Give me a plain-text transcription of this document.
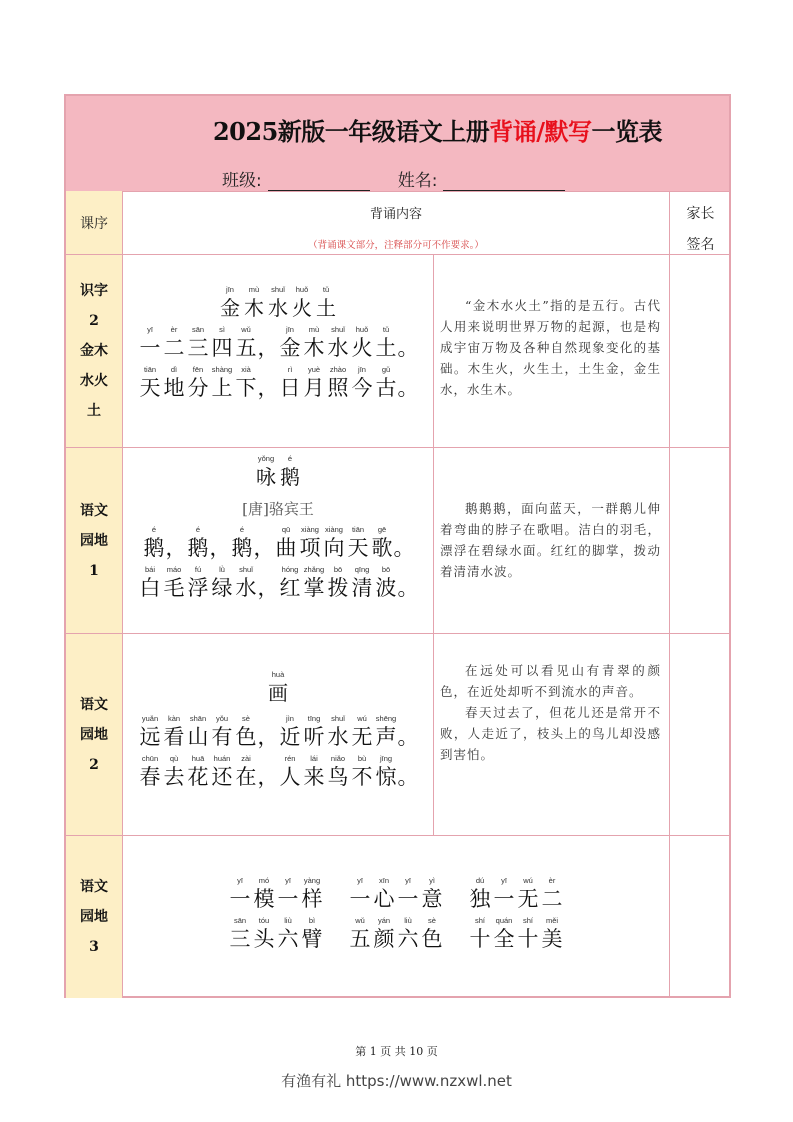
2025新版一年级语文上册背诵/默写一览表
班级:	姓名:
课序
背诵内容
（背诵课文部分，注释部分可不作要求。）
家长
签名
识字
2
金木
水火
土
jīn
金
mù
木
shuǐ
水
huǒ
火
tǔ
土
yī
一
èr
二
sān
三
sì
四
wǔ
五 ，
jīn
金
mù
木
shuǐ
水
huǒ
火
tǔ
土 。
tiān
天
dì
地
fēn
分
shàng
上
xià
下 ，
rì
日
yuè
月
zhào
照
jīn
今
gǔ
古 。

“金木水火土”指的是五行。古代人用来说明世界万物的起源，也是构成宇宙万物及各种自然现象变化的基础。木生火，火生土，土生金，金生水，水生木。

语文
园地
1
yǒng
咏
é
鹅
[唐]骆宾王
é
鹅 ，
é
鹅 ，
é
鹅 ，
qū
曲
xiàng
项
xiàng
向
tiān
天
gē
歌 。
bái
白
máo
毛
fú
浮
lǜ
绿
shuǐ
水 ，
hóng
红
zhǎng
掌
bō
拨
qīng
清
bō
波 。

鹅鹅鹅，面向蓝天，一群鹅儿伸着弯曲的脖子在歌唱。洁白的羽毛，漂浮在碧绿水面。红红的脚掌，拨动着清清水波。

语文
园地
2
huà
画
yuǎn
远
kàn
看
shān
山
yǒu
有
sè
色 ，
jìn
近
tīng
听
shuǐ
水
wú
无
shēng
声 。
chūn
春
qù
去
huā
花
huán
还
zài
在 ，
rén
人
lái
来
niǎo
鸟
bù
不
jīng
惊 。

在远处可以看见山有青翠的颜色，在近处却听不到流水的声音。

春天过去了，但花儿还是常开不败，人走近了，枝头上的鸟儿却没感到害怕。

语文
园地
3
yī
一
mó
模
yī
一
yàng
样
yī
一
xīn
心
yī
一
yì
意
dú
独
yī
一
wú
无
èr
二
sān
三
tóu
头
liù
六
bì
臂
wǔ
五
yán
颜
liù
六
sè
色
shí
十
quán
全
shí
十
měi
美
第 1 页 共 10 页
有渔有礼 https://www.nzxwl.net
